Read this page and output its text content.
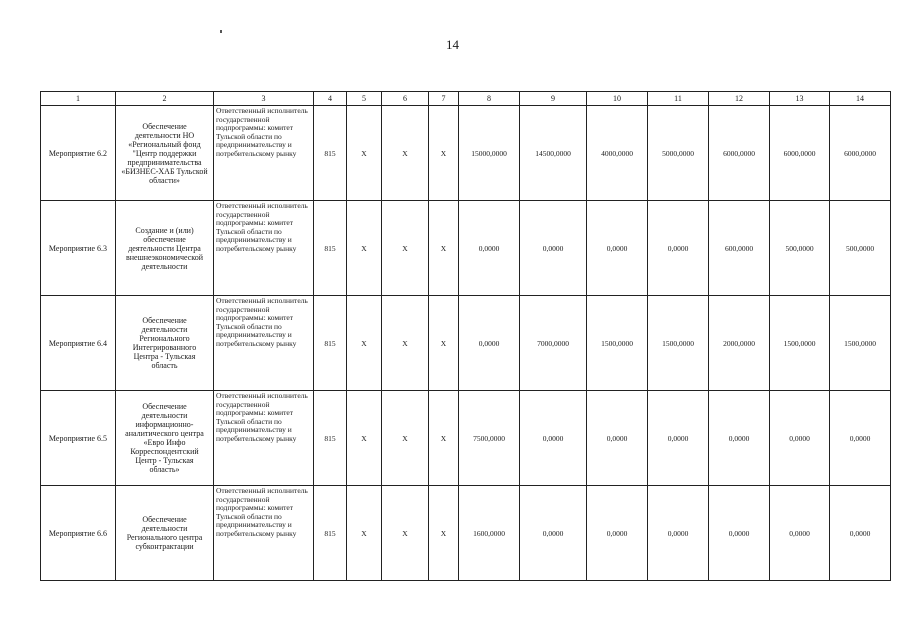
14
1	2	3	4	5	6	7	8	9	10	11	12	13	14
Мероприятие 6.2	Обеспечение деятельности НО «Региональный фонд "Центр поддержки предпринимательства «БИЗНЕС-ХАБ Тульской области»	Ответственный исполнитель государственной подпрограммы: комитет Тульской области по предпринимательству и потребительскому рынку	815	X	X	X	15000,0000	14500,0000	4000,0000	5000,0000	6000,0000	6000,0000	6000,0000
Мероприятие 6.3	Создание и (или) обеспечение деятельности Центра внешнеэкономической деятельности	Ответственный исполнитель государственной подпрограммы: комитет Тульской области по предпринимательству и потребительскому рынку	815	X	X	X	0,0000	0,0000	0,0000	0,0000	600,0000	500,0000	500,0000
Мероприятие 6.4	Обеспечение деятельности Регионального Интегрированного Центра - Тульская область	Ответственный исполнитель государственной подпрограммы: комитет Тульской области по предпринимательству и потребительскому рынку	815	X	X	X	0,0000	7000,0000	1500,0000	1500,0000	2000,0000	1500,0000	1500,0000
Мероприятие 6.5	Обеспечение деятельности информационно-аналитического центра «Евро Инфо Корреспондентский Центр - Тульская область»	Ответственный исполнитель государственной подпрограммы: комитет Тульской области по предпринимательству и потребительскому рынку	815	X	X	X	7500,0000	0,0000	0,0000	0,0000	0,0000	0,0000	0,0000
Мероприятие 6.6	Обеспечение деятельности Регионального центра субконтрактации	Ответственный исполнитель государственной подпрограммы: комитет Тульской области по предпринимательству и потребительскому рынку	815	X	X	X	1600,0000	0,0000	0,0000	0,0000	0,0000	0,0000	0,0000
